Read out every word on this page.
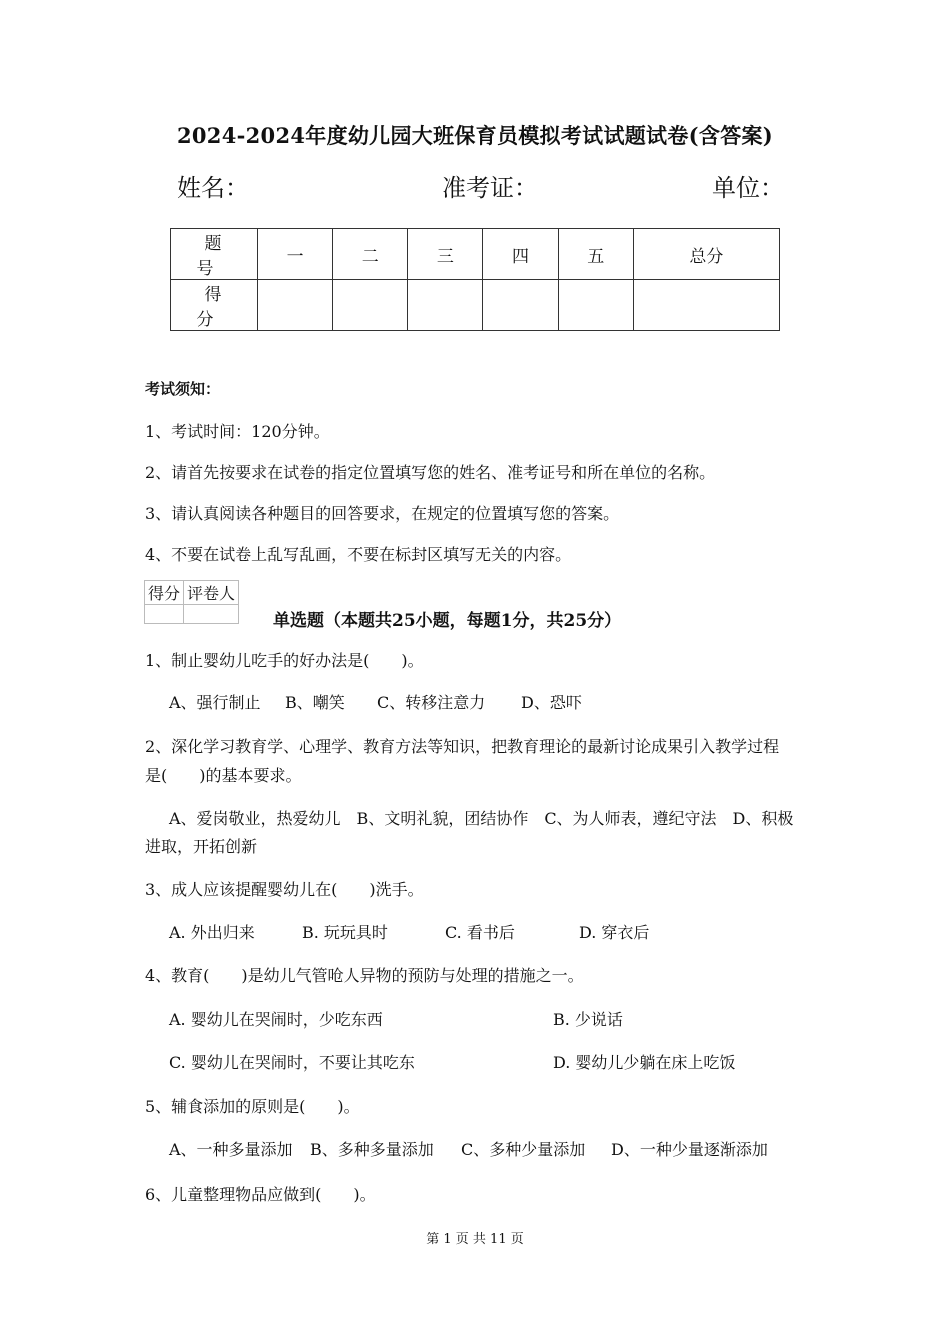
2024-2024年度幼儿园大班保育员模拟考试试题试卷(含答案)
姓名：	准考证：	单位：
题 号	一	二	三	四	五	总分
得 分						
考试须知：
1、考试时间：120分钟。
2、请首先按要求在试卷的指定位置填写您的姓名、准考证号和所在单位的名称。
3、请认真阅读各种题目的回答要求，在规定的位置填写您的答案。
4、不要在试卷上乱写乱画，不要在标封区填写无关的内容。
得分	评卷人

单选题（本题共25小题，每题1分，共25分）
1、制止婴幼儿吃手的好办法是(　　)。
A、强行制止 B、嘲笑 C、转移注意力 D、恐吓
2、深化学习教育学、心理学、教育方法等知识，把教育理论的最新讨论成果引入教学过程
是(　　)的基本要求。
A、爱岗敬业，热爱幼儿　B、文明礼貌，团结协作　C、为人师表，遵纪守法　D、积极
进取，开拓创新
3、成人应该提醒婴幼儿在(　　)洗手。
A. 外出归来	B. 玩玩具时	C. 看书后	D. 穿衣后
4、教育(　　)是幼儿气管呛人异物的预防与处理的措施之一。
A. 婴幼儿在哭闹时，少吃东西	B. 少说话
C. 婴幼儿在哭闹时，不要让其吃东	D. 婴幼儿少躺在床上吃饭
5、辅食添加的原则是(　　)。
A、一种多量添加 B、多种多量添加 C、多种少量添加 D、一种少量逐渐添加
6、儿童整理物品应做到(　　)。
第 1 页 共 11 页
